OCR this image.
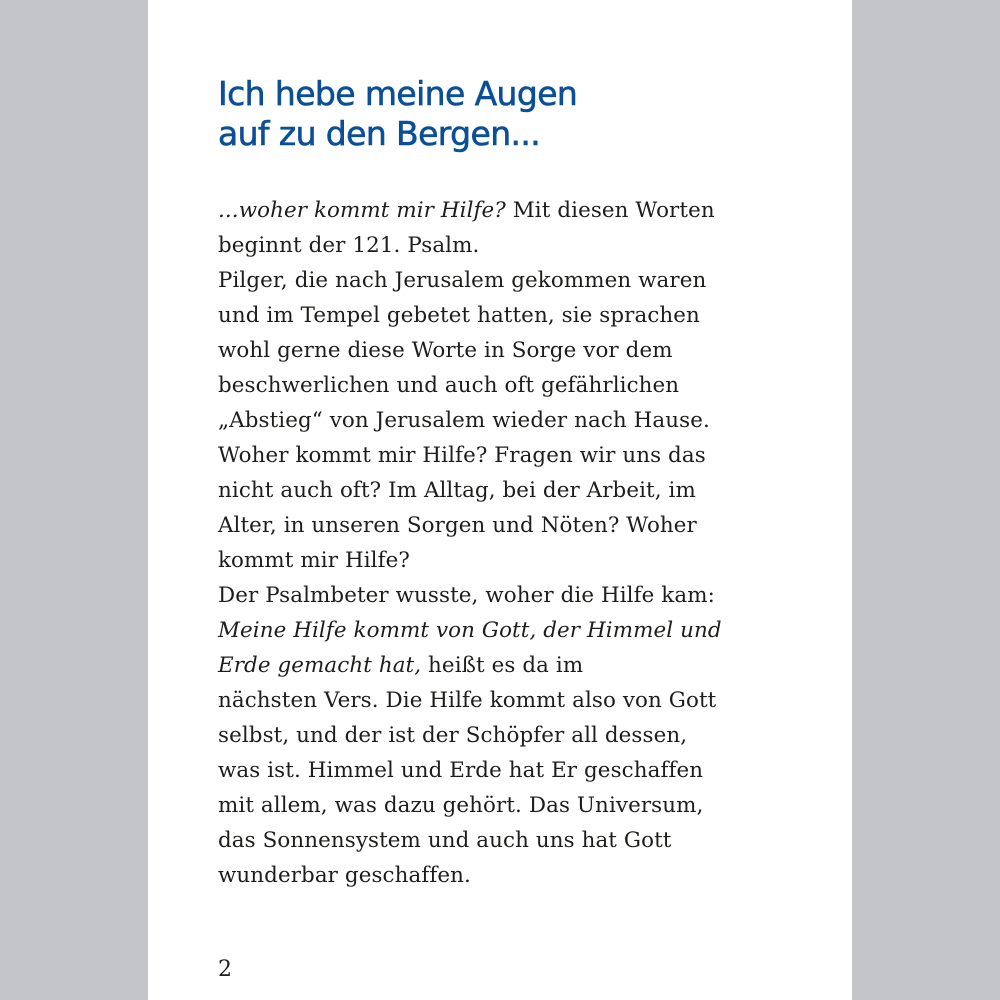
Ich hebe meine Augen
auf zu den Bergen...
...woher kommt mir Hilfe? Mit diesen Worten
beginnt der 121. Psalm.
Pilger, die nach Jerusalem gekommen waren
und im Tempel gebetet hatten, sie sprachen
wohl gerne diese Worte in Sorge vor dem
beschwerlichen und auch oft gefährlichen
„Abstieg“ von Jerusalem wieder nach Hause.
Woher kommt mir Hilfe? Fragen wir uns das
nicht auch oft? Im Alltag, bei der Arbeit, im
Alter, in unseren Sorgen und Nöten? Woher
kommt mir Hilfe?
Der Psalmbeter wusste, woher die Hilfe kam:
Meine Hilfe kommt von Gott, der Himmel und
Erde gemacht hat, heißt es da im
nächsten Vers. Die Hilfe kommt also von Gott
selbst, und der ist der Schöpfer all dessen,
was ist. Himmel und Erde hat Er geschaffen
mit allem, was dazu gehört. Das Universum,
das Sonnensystem und auch uns hat Gott
wunderbar geschaffen.
2
